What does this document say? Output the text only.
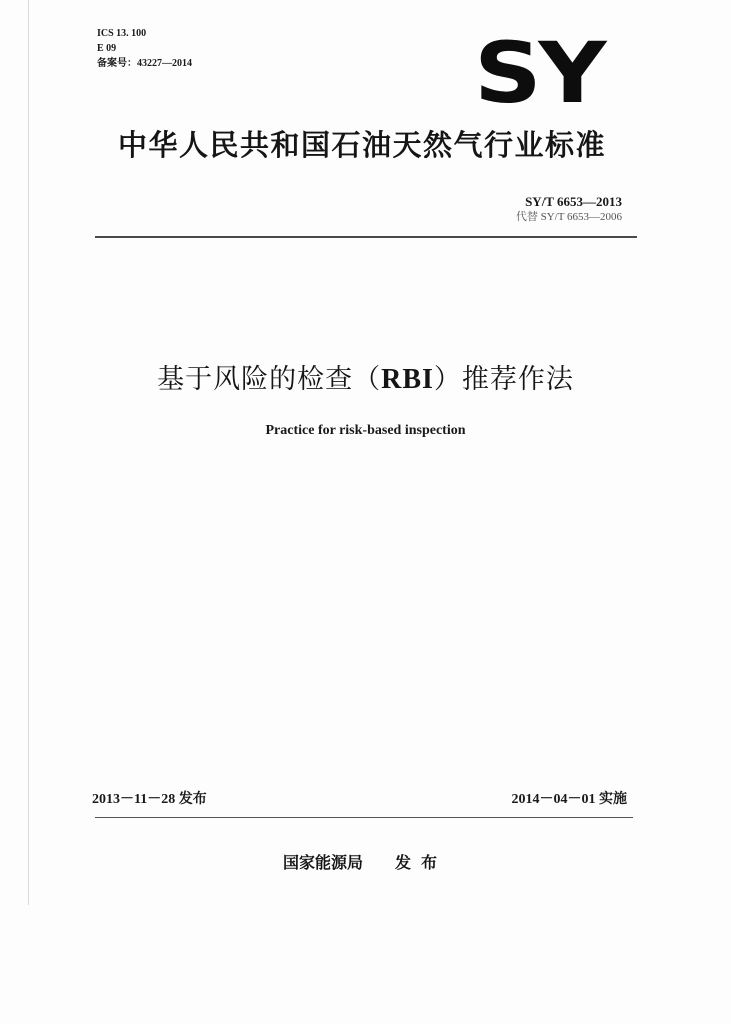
ICS 13. 100
E 09
备案号：43227—2014	SY
中华人民共和国石油天然气行业标准
SY/T 6653—2013
代替 SY/T 6653—2006
基于风险的检查（RBI）推荐作法
Practice for risk-based inspection
2013－11－28 发布	2014－04－01 实施
国家能源局 发布
